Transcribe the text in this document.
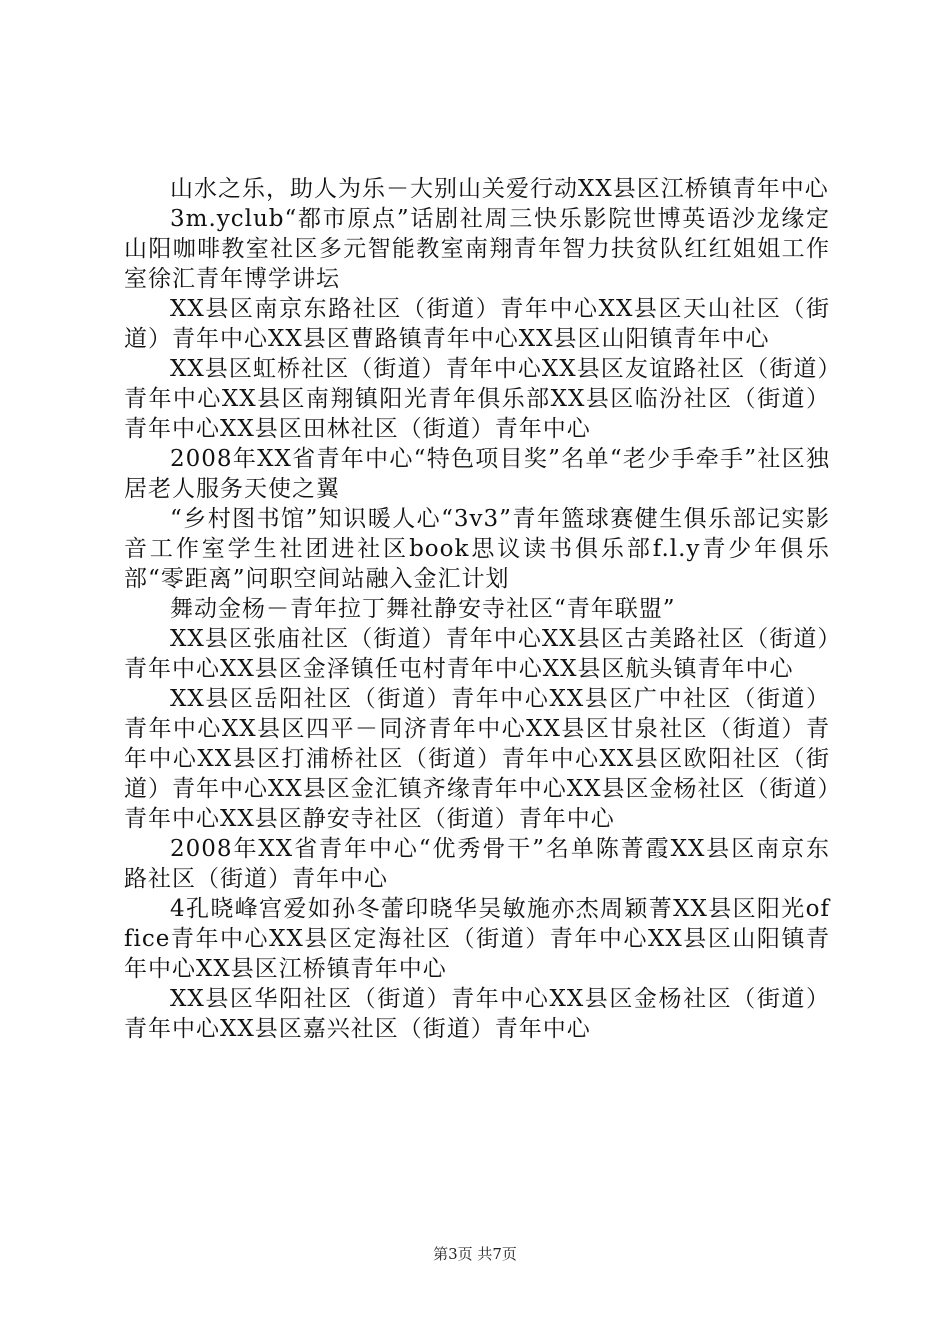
山水之乐，助人为乐－大别山关爱行动XX县区江桥镇青年中心

3m.yclub“都市原点”话剧社周三快乐影院世博英语沙龙缘定山阳咖啡教室社区多元智能教室南翔青年智力扶贫队红红姐姐工作室徐汇青年博学讲坛

XX县区南京东路社区（街道）青年中心XX县区天山社区（街道）青年中心XX县区曹路镇青年中心XX县区山阳镇青年中心

XX县区虹桥社区（街道）青年中心XX县区友谊路社区（街道）青年中心XX县区南翔镇阳光青年俱乐部XX县区临汾社区（街道）青年中心XX县区田林社区（街道）青年中心

2008年XX省青年中心“特色项目奖”名单“老少手牵手”社区独居老人服务天使之翼

“乡村图书馆”知识暖人心“3v3”青年篮球赛健生俱乐部记实影音工作室学生社团进社区book思议读书俱乐部f.l.y青少年俱乐部“零距离”问职空间站融入金汇计划

舞动金杨－青年拉丁舞社静安寺社区“青年联盟”

XX县区张庙社区（街道）青年中心XX县区古美路社区（街道）青年中心XX县区金泽镇任屯村青年中心XX县区航头镇青年中心

XX县区岳阳社区（街道）青年中心XX县区广中社区（街道）青年中心XX县区四平－同济青年中心XX县区甘泉社区（街道）青年中心XX县区打浦桥社区（街道）青年中心XX县区欧阳社区（街道）青年中心XX县区金汇镇齐缘青年中心XX县区金杨社区（街道）青年中心XX县区静安寺社区（街道）青年中心

2008年XX省青年中心“优秀骨干”名单陈菁霞XX县区南京东路社区（街道）青年中心

4孔晓峰宫爱如孙冬蕾印晓华吴敏施亦杰周颖菁XX县区阳光office青年中心XX县区定海社区（街道）青年中心XX县区山阳镇青年中心XX县区江桥镇青年中心

XX县区华阳社区（街道）青年中心XX县区金杨社区（街道）青年中心XX县区嘉兴社区（街道）青年中心

第3页 共7页
